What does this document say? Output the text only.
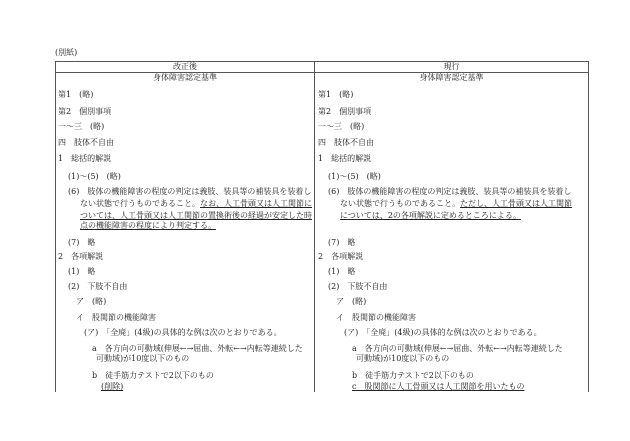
(別紙)
改正後	現行
身体障害認定基準	身体障害認定基準
第1　(略)
第2　個別事項
一～三　(略)
四　肢体不自由
1　総括的解説
(1)～(5)　(略)
(6)　肢体の機能障害の程度の判定は義肢、装具等の補装具を装着し
ない状態で行うものであること。なお、人工骨頭又は人工関節に
ついては、人工骨頭又は人工関節の置換術後の経過が安定した時
点の機能障害の程度により判定する。
(7)　略
2　各項解説
(1)　略
(2)　下肢不自由
ア　(略)
イ　股関節の機能障害
(ア)　「全廃」(4級)の具体的な例は次のとおりである。
a　各方向の可動域(伸展←→屈曲、外転←→内転等連続した
可動域)が10度以下のもの
b　徒手筋力テストで2以下のもの
(削除)
第1　(略)
第2　個別事項
一～三　(略)
四　肢体不自由
1　総括的解説
(1)～(5)　(略)
(6)　肢体の機能障害の程度の判定は義肢、装具等の補装具を装着し
ない状態で行うものであること。ただし、人工骨頭又は人工関節
については、2の各項解説に定めるところによる。
(7)　略
2　各項解説
(1)　略
(2)　下肢不自由
ア　(略)
イ　股関節の機能障害
(ア)　「全廃」(4級)の具体的な例は次のとおりである。
a　各方向の可動域(伸展←→屈曲、外転←→内転等連続した
可動域)が10度以下のもの
b　徒手筋力テストで2以下のもの
c　股関節に人工骨頭又は人工関節を用いたもの
